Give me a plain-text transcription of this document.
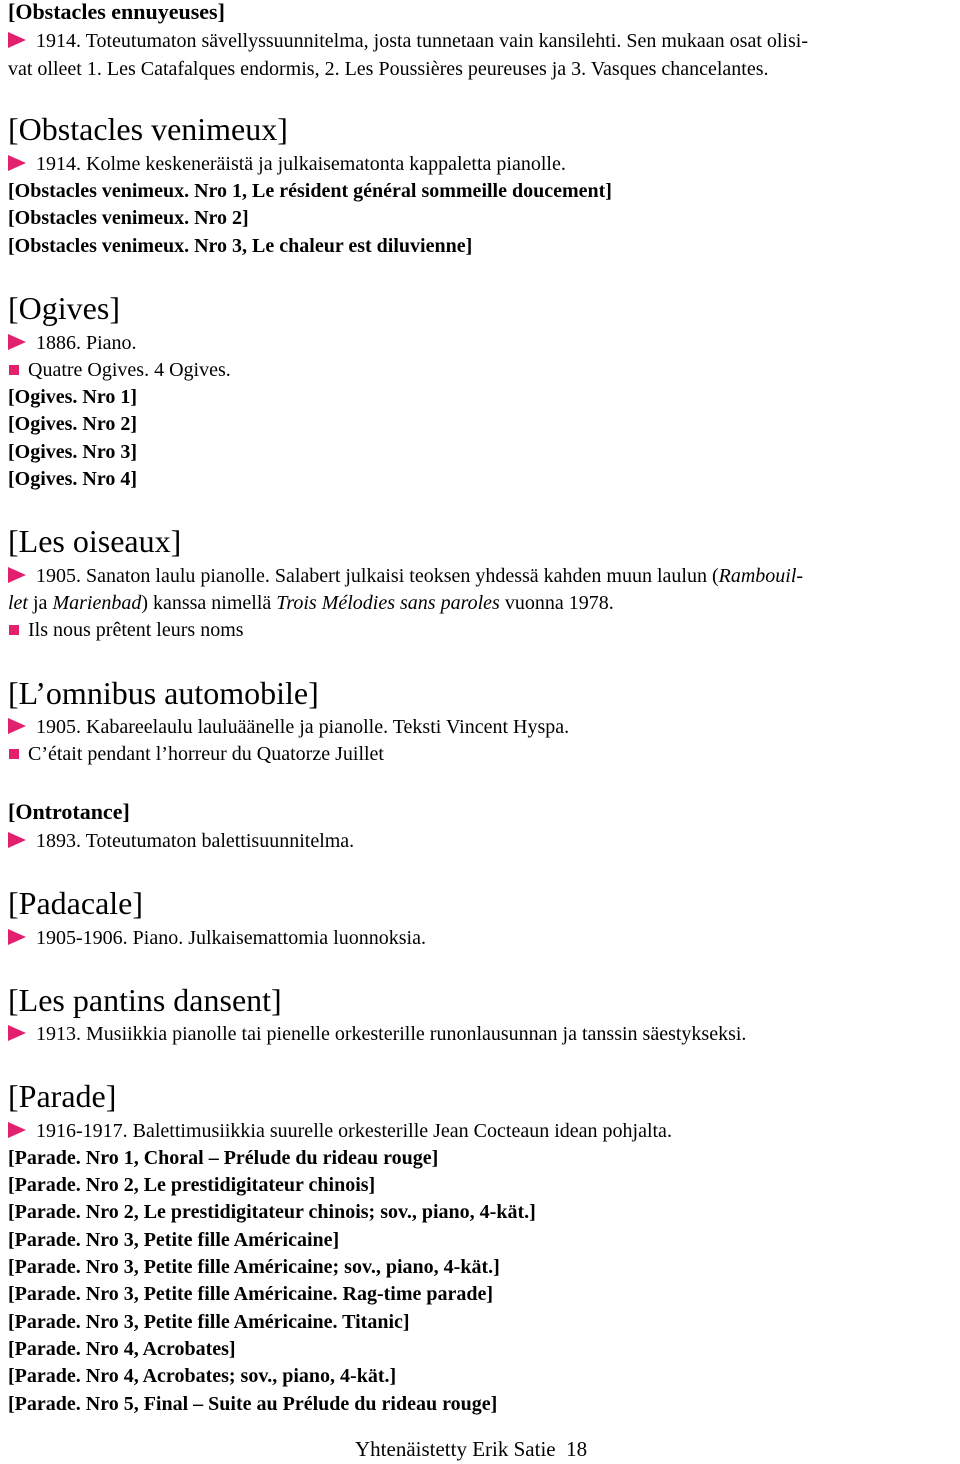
[Obstacles ennuyeuses]
1914. Toteutumaton sävellyssuunnitelma, josta tunnetaan vain kansilehti. Sen mukaan osat olisi-
vat olleet 1. Les Catafalques endormis, 2. Les Poussières peureuses ja 3. Vasques chancelantes.
[Obstacles venimeux]
1914. Kolme keskeneräistä ja julkaisematonta kappaletta pianolle.
[Obstacles venimeux. Nro 1, Le résident général sommeille doucement]
[Obstacles venimeux. Nro 2]
[Obstacles venimeux. Nro 3, Le chaleur est diluvienne]
[Ogives]
1886. Piano.
Quatre Ogives. 4 Ogives.
[Ogives. Nro 1]
[Ogives. Nro 2]
[Ogives. Nro 3]
[Ogives. Nro 4]
[Les oiseaux]
1905. Sanaton laulu pianolle. Salabert julkaisi teoksen yhdessä kahden muun laulun (Rambouil-
let ja Marienbad) kanssa nimellä Trois Mélodies sans paroles vuonna 1978.
Ils nous prêtent leurs noms
[L’omnibus automobile]
1905. Kabareelaulu lauluäänelle ja pianolle. Teksti Vincent Hyspa.
C’était pendant l’horreur du Quatorze Juillet
[Ontrotance]
1893. Toteutumaton balettisuunnitelma.
[Padacale]
1905-1906. Piano. Julkaisemattomia luonnoksia.
[Les pantins dansent]
1913. Musiikkia pianolle tai pienelle orkesterille runonlausunnan ja tanssin säestykseksi.
[Parade]
1916-1917. Balettimusiikkia suurelle orkesterille Jean Cocteaun idean pohjalta.
[Parade. Nro 1, Choral – Prélude du rideau rouge]
[Parade. Nro 2, Le prestidigitateur chinois]
[Parade. Nro 2, Le prestidigitateur chinois; sov., piano, 4-kät.]
[Parade. Nro 3, Petite fille Américaine]
[Parade. Nro 3, Petite fille Américaine; sov., piano, 4-kät.]
[Parade. Nro 3, Petite fille Américaine. Rag-time parade]
[Parade. Nro 3, Petite fille Américaine. Titanic]
[Parade. Nro 4, Acrobates]
[Parade. Nro 4, Acrobates; sov., piano, 4-kät.]
[Parade. Nro 5, Final – Suite au Prélude du rideau rouge]
Yhtenäistetty Erik Satie 18
